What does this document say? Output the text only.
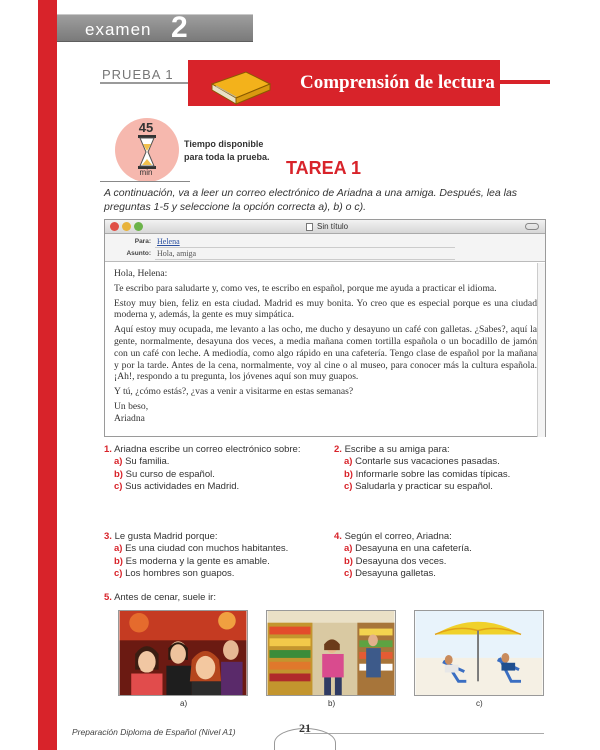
examen 2
PRUEBA 1	Comprensión de lectura
45
min
Tiempo disponible
para toda la prueba.
TAREA 1

A continuación, va a leer un correo electrónico de Ariadna a una amiga. Después, lea las preguntas 1-5 y seleccione la opción correcta a), b) o c).

Sin título
Para: Helena
Asunto: Hola, amiga

Hola, Helena:

Te escribo para saludarte y, como ves, te escribo en español, porque me ayuda a practicar el idioma.

Estoy muy bien, feliz en esta ciudad. Madrid es muy bonita. Yo creo que es especial porque es una ciudad moderna y, además, la gente es muy simpática.

Aquí estoy muy ocupada, me levanto a las ocho, me ducho y desayuno un café con galletas. ¿Sabes?, aquí la gente, normalmente, desayuna dos veces, a media mañana comen tortilla española o un bocadillo de jamón con un café con leche. A mediodía, como algo rápido en una cafetería. Tengo clase de español por la mañana y por la tarde. Antes de la cena, normalmente, voy al cine o al museo, para conocer más la cultura española. ¡Ah!, respondo a tu pregunta, los jóvenes aquí son muy guapos.

Y tú, ¿cómo estás?, ¿vas a venir a visitarme en estas semanas?

Un beso,
Ariadna
1. Ariadna escribe un correo electrónico sobre:
a) Su familia.
b) Su curso de español.
c) Sus actividades en Madrid.
2. Escribe a su amiga para:
a) Contarle sus vacaciones pasadas.
b) Informarle sobre las comidas típicas.
c) Saludarla y practicar su español.
3. Le gusta Madrid porque:
a) Es una ciudad con muchos habitantes.
b) Es moderna y la gente es amable.
c) Los hombres son guapos.
4. Según el correo, Ariadna:
a) Desayuna en una cafetería.
b) Desayuna dos veces.
c) Desayuna galletas.
5. Antes de cenar, suele ir:
a)	b)	c)
Preparación Diploma de Español (Nivel A1)	21
